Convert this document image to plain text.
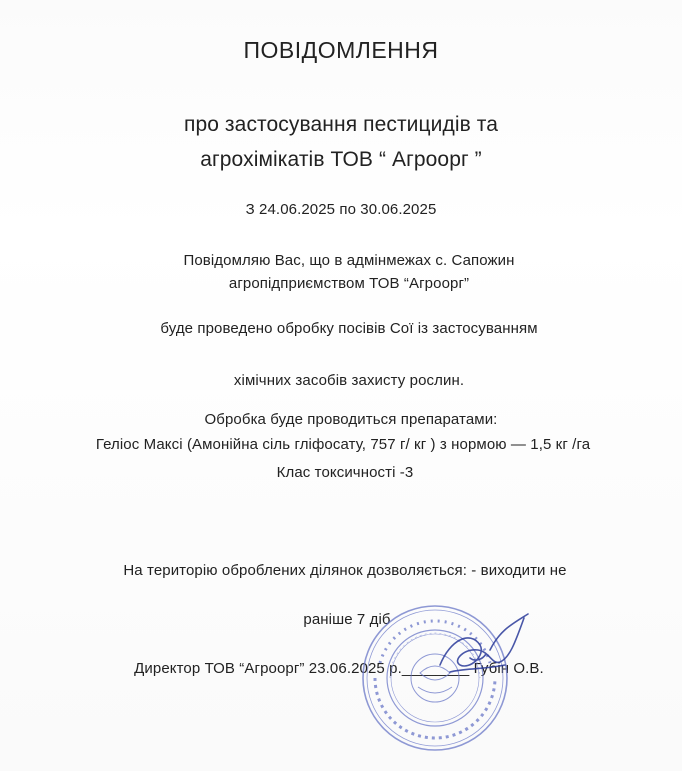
ПОВІДОМЛЕННЯ
про застосування пестицидів та
агрохімікатів ТОВ “ Агроорг ”
З 24.06.2025 по 30.06.2025
Повідомляю Вас, що в адмінмежах с. Сапожин
агропідприємством ТОВ “Агроорг”
буде проведено обробку посівів Сої із застосуванням
хімічних засобів захисту рослин.
Обробка буде проводиться препаратами:
Геліос Максі (Амонійна сіль гліфосату, 757 г/ кг ) з нормою — 1,5 кг /га
Клас токсичності -3
На територію оброблених ділянок дозволяється: - виходити не
раніше 7 діб
Директор ТОВ “Агроорг” 23.06.2025 р.________ Губін О.В.
